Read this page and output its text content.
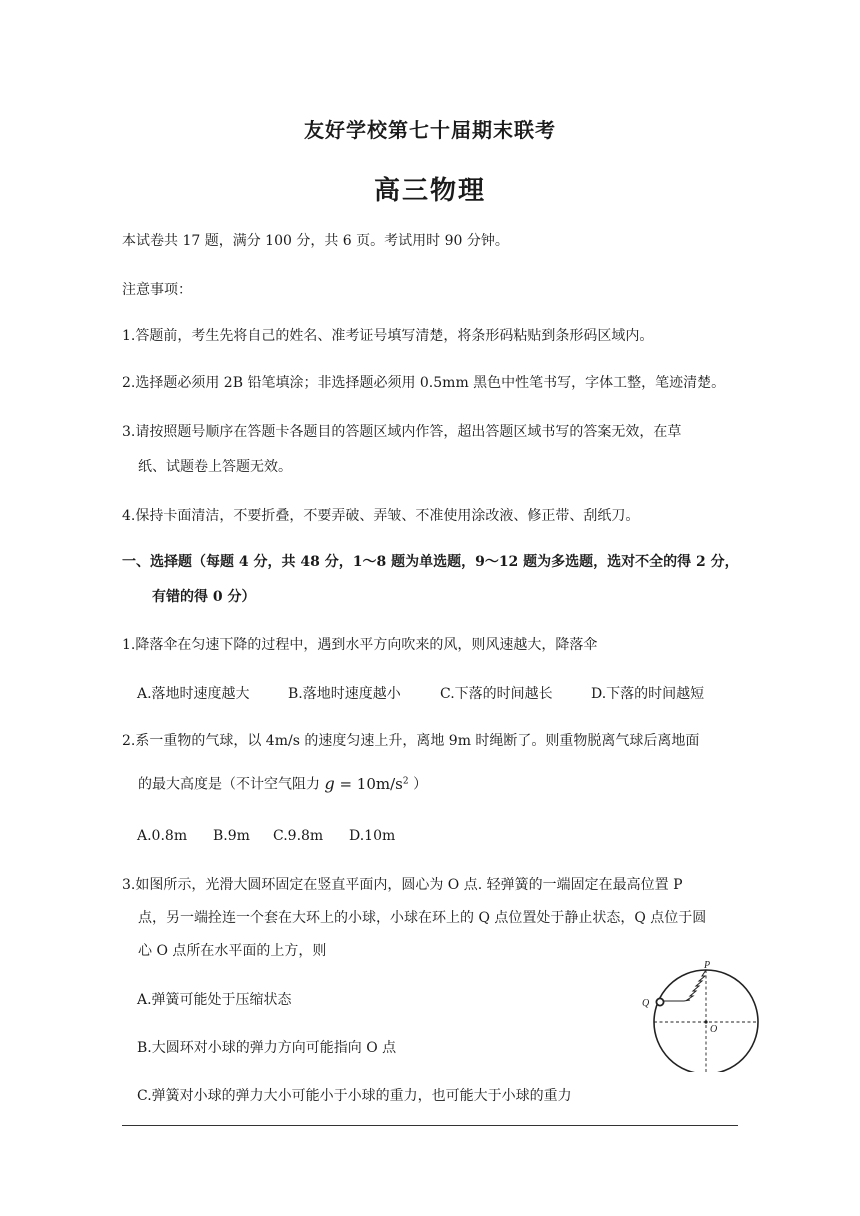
友好学校第七十届期末联考
高三物理
本试卷共 17 题，满分 100 分，共 6 页。考试用时 90 分钟。
注意事项：
1.答题前，考生先将自己的姓名、准考证号填写清楚，将条形码粘贴到条形码区域内。
2.选择题必须用 2B 铅笔填涂；非选择题必须用 0.5mm 黑色中性笔书写，字体工整，笔迹清楚。
3.请按照题号顺序在答题卡各题目的答题区域内作答，超出答题区域书写的答案无效，在草
纸、试题卷上答题无效。
4.保持卡面清洁，不要折叠，不要弄破、弄皱、不准使用涂改液、修正带、刮纸刀。
一、选择题（每题 4 分，共 48 分，1～8 题为单选题，9～12 题为多选题，选对不全的得 2 分，
有错的得 0 分）
1.降落伞在匀速下降的过程中，遇到水平方向吹来的风，则风速越大，降落伞
A.落地时速度越大	B.落地时速度越小	C.下落的时间越长	D.下落的时间越短
2.系一重物的气球，以 4m/s 的速度匀速上升，离地 9m 时绳断了。则重物脱离气球后离地面
的最大高度是（不计空气阻力 $g = 10m/s^2$ ）
A.0.8m B.9m C.9.8m D.10m
3.如图所示，光滑大圆环固定在竖直平面内，圆心为 O 点. 轻弹簧的一端固定在最高位置 P
点，另一端拴连一个套在大环上的小球，小球在环上的 Q 点位置处于静止状态，Q 点位于圆
心 O 点所在水平面的上方，则
A.弹簧可能处于压缩状态
B.大圆环对小球的弹力方向可能指向 O 点
C.弹簧对小球的弹力大小可能小于小球的重力，也可能大于小球的重力
P
Q
O
